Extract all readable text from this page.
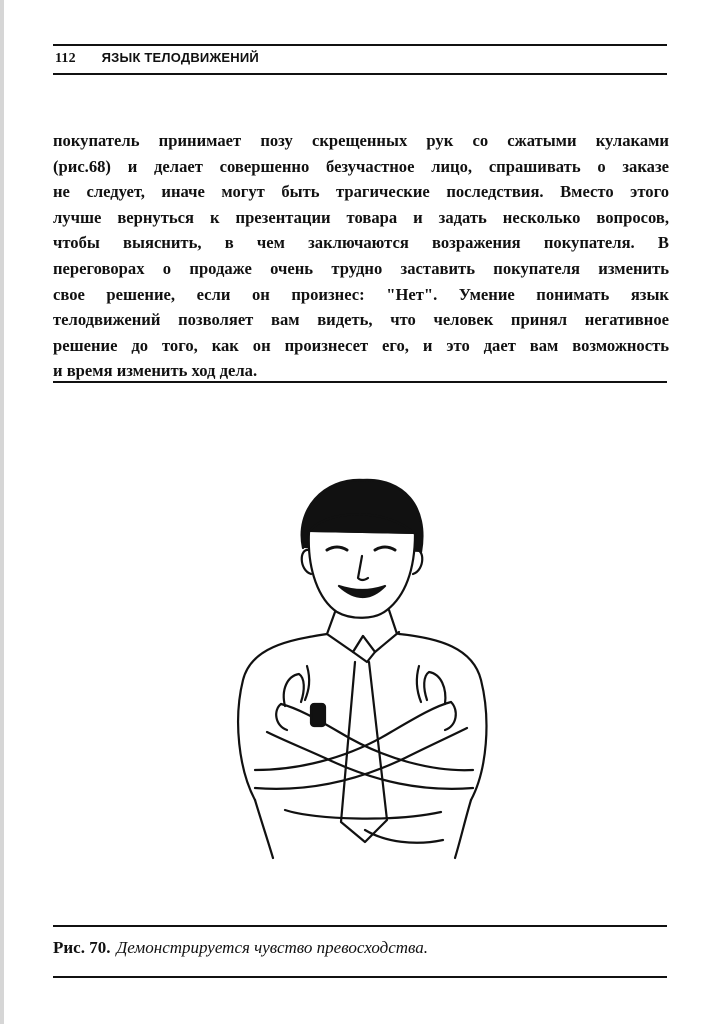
112 ЯЗЫК ТЕЛОДВИЖЕНИЙ
покупатель принимает позу скрещенных рук со сжатыми кулаками
(рис.68) и делает совершенно безучастное лицо, спрашивать о заказе
не следует, иначе могут быть трагические последствия. Вместо этого
лучше вернуться к презентации товара и задать несколько вопросов,
чтобы выяснить, в чем заключаются возражения покупателя. В
переговорах о продаже очень трудно заставить покупателя изменить
свое решение, если он произнес: "Нет". Умение понимать язык
телодвижений позволяет вам видеть, что человек принял негативное
решение до того, как он произнесет его, и это дает вам возможность
и время изменить ход дела.
Рис. 70. Демонстрируется чувство превосходства.
